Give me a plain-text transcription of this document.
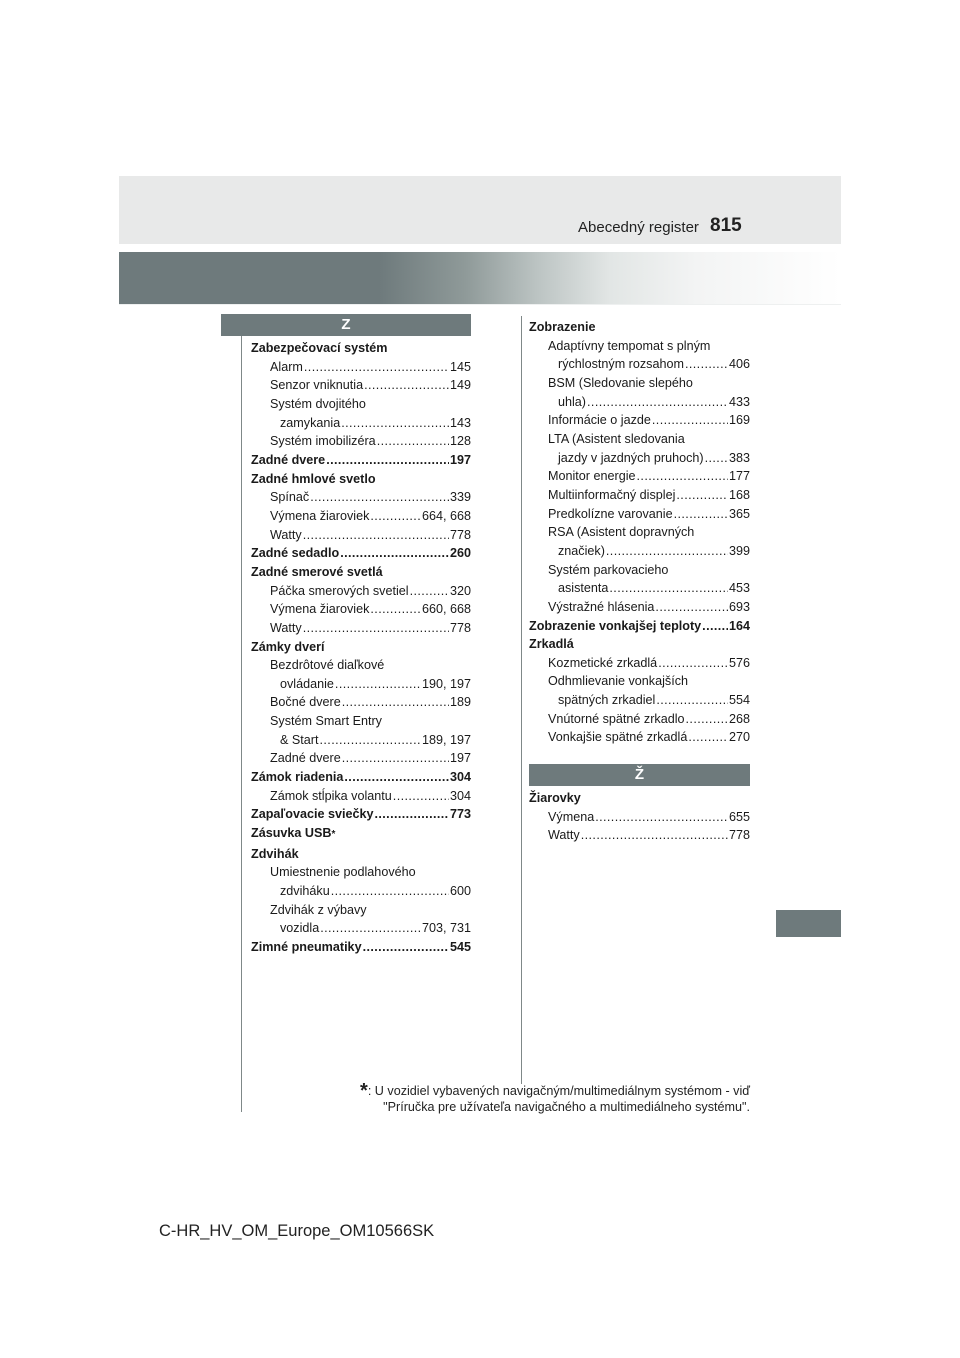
Abecedný register 815
Z
Ž
Zabezpečovací systém
Alarm .....	145
Senzor vniknutia .....	149
Systém dvojitého
zamykania .....	143
Systém imobilizéra .....	128
Zadné dvere .....	197
Zadné hmlové svetlo
Spínač .....	339
Výmena žiaroviek .....	664, 668
Watty .....	778
Zadné sedadlo .....	260
Zadné smerové svetlá
Páčka smerových svetiel .....	320
Výmena žiaroviek .....	660, 668
Watty .....	778
Zámky dverí
Bezdrôtové diaľkové
ovládanie .....	190, 197
Bočné dvere .....	189
Systém Smart Entry
& Start .....	189, 197
Zadné dvere .....	197
Zámok riadenia .....	304
Zámok stĺpika volantu .....	304
Zapaľovacie sviečky .....	773
Zásuvka USB *
Zdvihák
Umiestnenie podlahového
zdviháku .....	600
Zdvihák z výbavy
vozidla .....	703, 731
Zimné pneumatiky .....	545
Zobrazenie
Adaptívny tempomat s plným
rýchlostným rozsahom .....	406
BSM (Sledovanie slepého
uhla) .....	433
Informácie o jazde .....	169
LTA (Asistent sledovania
jazdy v jazdných pruhoch) ..... 383
Monitor energie .....	177
Multiinformačný displej .....	168
Predkolízne varovanie .....	365
RSA (Asistent dopravných
značiek) .....	399
Systém parkovacieho
asistenta .....	453
Výstražné hlásenia .....	693
Zobrazenie vonkajšej teploty ..... 164
Zrkadlá
Kozmetické zrkadlá .....	576
Odhmlievanie vonkajších
spätných zrkadiel .....	554
Vnútorné spätné zrkadlo .....	268
Vonkajšie spätné zrkadlá .....	270
Žiarovky
Výmena .....	655
Watty .....	778
*: U vozidiel vybavených navigačným/multimediálnym systémom - viď
"Príručka pre užívateľa navigačného a multimediálneho systému".
C-HR_HV_OM_Europe_OM10566SK
